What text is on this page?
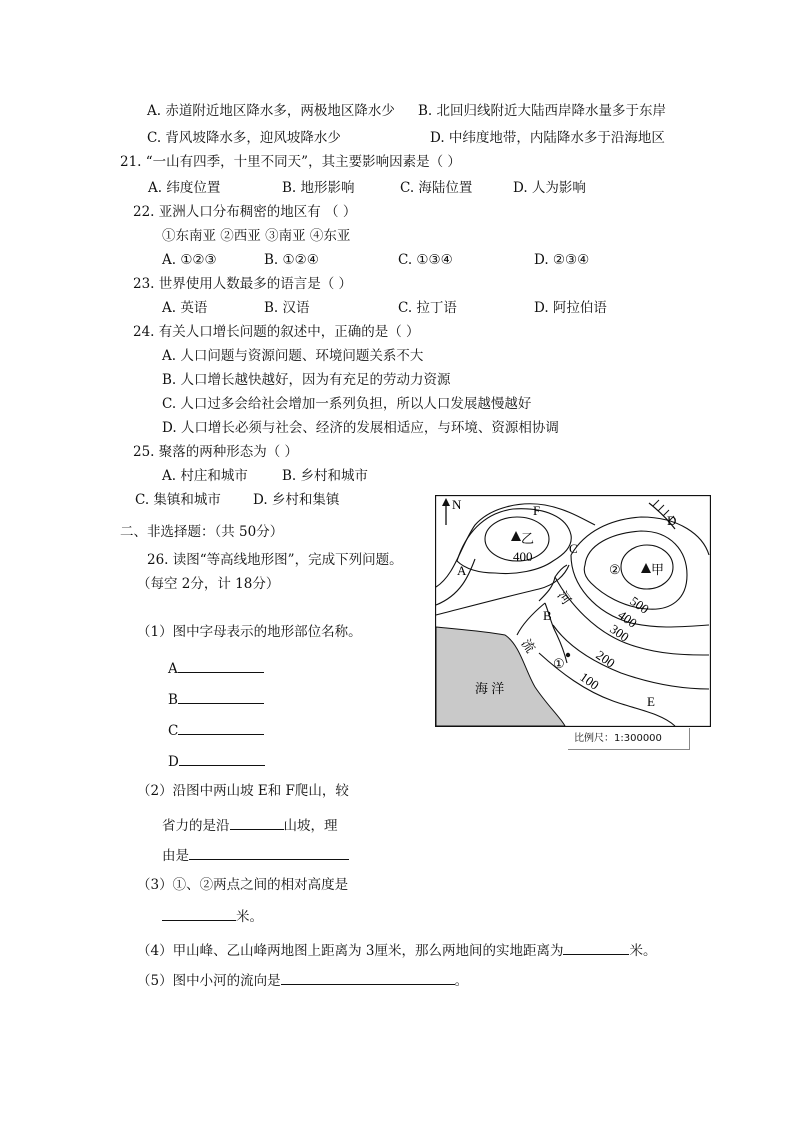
A. 赤道附近地区降水多，两极地区降水少 B. 北回归线附近大陆西岸降水量多于东岸
C. 背风坡降水多，迎风坡降水少	D. 中纬度地带，内陆降水多于沿海地区
21. “一山有四季，十里不同天”，其主要影响因素是（ ）
A. 纬度位置	B. 地形影响	C. 海陆位置	D. 人为影响
22. 亚洲人口分布稠密的地区有 （ ）
①东南亚 ②西亚 ③南亚 ④东亚
A. ①②③	B. ①②④	C. ①③④	D. ②③④
23. 世界使用人数最多的语言是（ ）
A. 英语	B. 汉语	C. 拉丁语	D. 阿拉伯语
24. 有关人口增长问题的叙述中，正确的是（ ）
A. 人口问题与资源问题、环境问题关系不大
B. 人口增长越快越好，因为有充足的劳动力资源
C. 人口过多会给社会增加一系列负担，所以人口发展越慢越好
D. 人口增长必须与社会、经济的发展相适应，与环境、资源相协调
25. 聚落的两种形态为（ ）
A. 村庄和城市	B. 乡村和城市
C. 集镇和城市 D. 乡村和集镇
二、非选择题：（共 50分）
26. 读图“等高线地形图”，完成下列问题。
（每空 2分，计 18分）
（1）图中字母表示的地形部位名称。
A
B
C
D
（2）沿图中两山坡 E和 F爬山，较
省力的是沿	山坡，理
由是
（3）①、②两点之间的相对高度是
米。
（4）甲山峰、乙山峰两地图上距离为 3厘米，那么两地间的实地距离为	米。
（5）图中小河的流向是	。
N
乙
甲
②
①
A
B
C
D
E
F
400
500
400
300
200
100
河
流
海 洋
比例尺：1:300000
